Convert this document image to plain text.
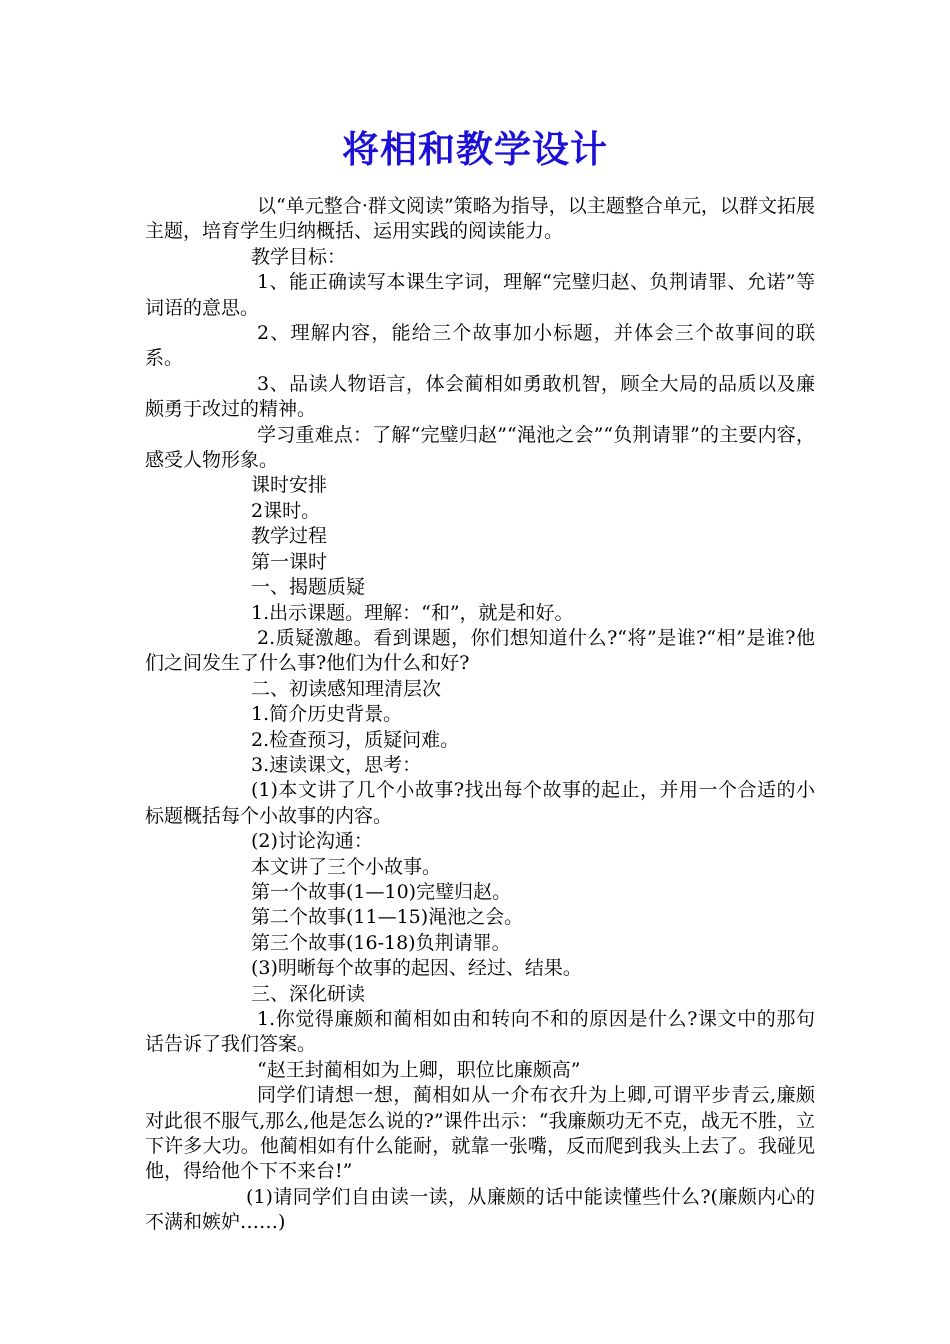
将相和教学设计

以“单元整合·群文阅读”策略为指导，以主题整合单元，以群文拓展主题，培育学生归纳概括、运用实践的阅读能力。

教学目标：

1、能正确读写本课生字词，理解“完璧归赵、负荆请罪、允诺”等词语的意思。

2、理解内容，能给三个故事加小标题，并体会三个故事间的联系。

3、品读人物语言，体会蔺相如勇敢机智，顾全大局的品质以及廉颇勇于改过的精神。

学习重难点：了解“完璧归赵”“渑池之会”“负荆请罪”的主要内容，感受人物形象。

课时安排

2课时。

教学过程

第一课时

一、揭题质疑

1.出示课题。理解：“和”，就是和好。

2.质疑激趣。看到课题，你们想知道什么?“将”是谁?“相”是谁?他们之间发生了什么事?他们为什么和好?

二、初读感知理清层次

1.简介历史背景。

2.检查预习，质疑问难。

3.速读课文，思考：

(1)本文讲了几个小故事?找出每个故事的起止，并用一个合适的小标题概括每个小故事的内容。

(2)讨论沟通：

本文讲了三个小故事。

第一个故事(1—10)完璧归赵。

第二个故事(11—15)渑池之会。

第三个故事(16-18)负荆请罪。

(3)明晰每个故事的起因、经过、结果。

三、深化研读

1.你觉得廉颇和蔺相如由和转向不和的原因是什么?课文中的那句话告诉了我们答案。

“赵王封蔺相如为上卿，职位比廉颇高”

同学们请想一想，蔺相如从一介布衣升为上卿,可谓平步青云,廉颇对此很不服气,那么,他是怎么说的?”课件出示：“我廉颇功无不克，战无不胜，立下许多大功。他蔺相如有什么能耐，就靠一张嘴，反而爬到我头上去了。我碰见他，得给他个下不来台!”

(1)请同学们自由读一读，从廉颇的话中能读懂些什么?(廉颇内心的不满和嫉妒……)
